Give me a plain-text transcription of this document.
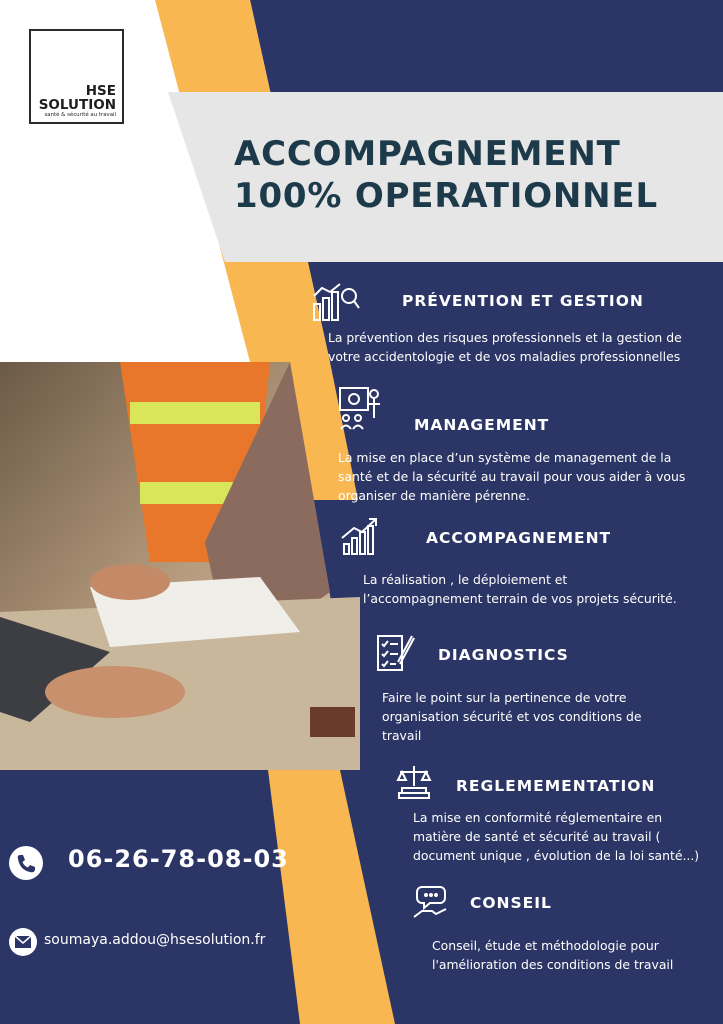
HSE
SOLUTION
santé & sécurité au travail
ACCOMPAGNEMENT
100% OPERATIONNEL
PRÉVENTION ET GESTION
La prévention des risques professionnels et la gestion de
votre accidentologie et de vos maladies professionnelles
MANAGEMENT
La mise en place d’un système de management de la
santé et de la sécurité au travail pour vous aider à vous
organiser de manière pérenne.
ACCOMPAGNEMENT
La réalisation , le déploiement et
l’accompagnement terrain de vos projets sécurité.
DIAGNOSTICS
Faire le point sur la pertinence de votre
organisation sécurité et vos conditions de
travail
REGLEMEMENTATION
La mise en conformité réglementaire en
matière de santé et sécurité au travail (
document unique , évolution de la loi santé...)
CONSEIL
Conseil, étude et méthodologie pour
l'amélioration des conditions de travail
06-26-78-08-03
soumaya.addou@hsesolution.fr
